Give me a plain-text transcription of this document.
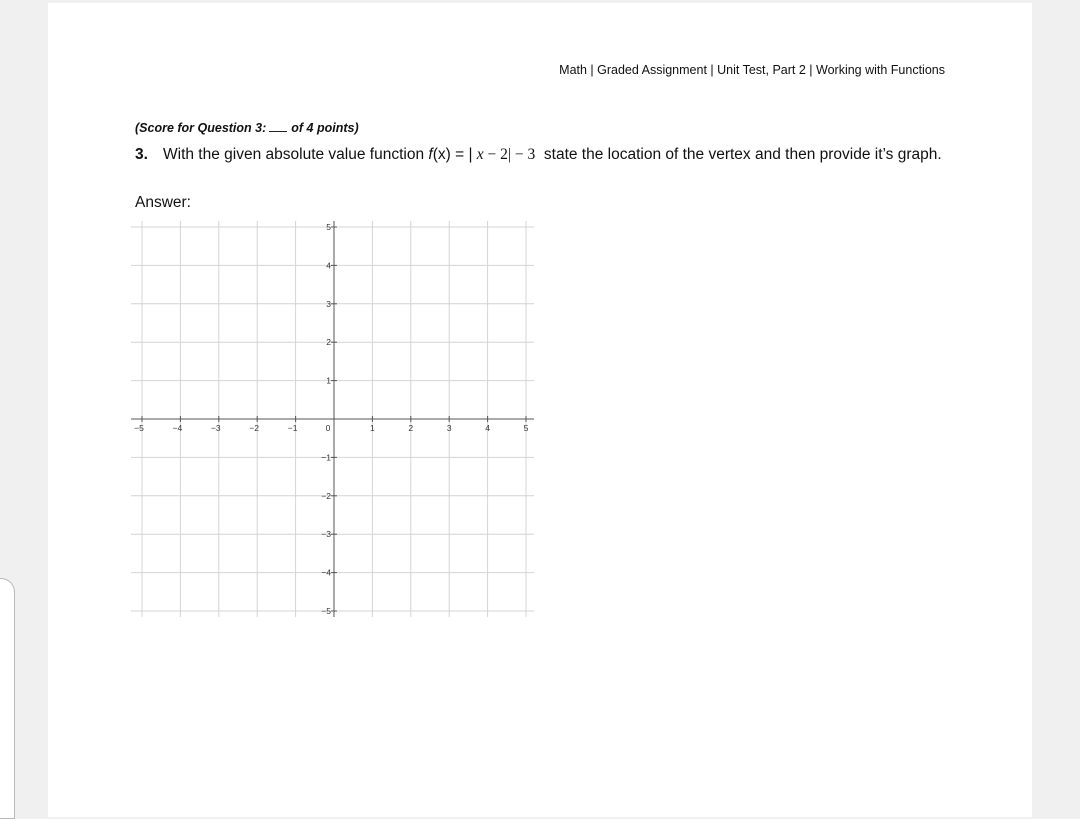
Math | Graded Assignment | Unit Test, Part 2 | Working with Functions
(Score for Question 3: of 4 points)
3. With the given absolute value function f(x) = | x − 2| − 3 state the location of the vertex and then provide it’s graph.
Answer:
−5	−4	−3	−2	−1	0	1	2	3	4	5
5
4
3
2
1
−1
−2
−3
−4
−5
